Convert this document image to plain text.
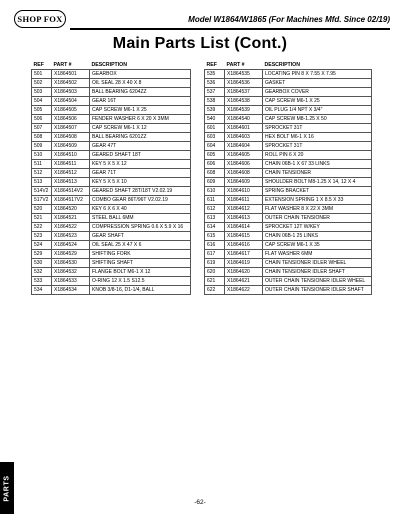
SHOP FOX	Model W1864/W1865 (For Machines Mfd. Since 02/19)
Main Parts List (Cont.)
REF	PART #	DESCRIPTION
501	X1864501	GEARBOX
502	X1864502	OIL SEAL 28 X 40 X 8
503	X1864503	BALL BEARING 6204ZZ
504	X1864504	GEAR 16T
505	X1864505	CAP SCREW M6-1 X 25
506	X1864506	FENDER WASHER 6 X 20 X 3MM
507	X1864507	CAP SCREW M6-1 X 12
508	X1864508	BALL BEARING 6201ZZ
509	X1864509	GEAR 47T
510	X1864510	GEARED SHAFT 18T
511	X1864511	KEY 5 X 5 X 12
512	X1864512	GEAR 71T
513	X1864513	KEY 5 X 5 X 10
514V2	X1864514V2	GEARED SHAFT 28T/18T V2.02.19
517V2	X1864517V2	COMBO GEAR 86T/96T V2.02.19
520	X1864520	KEY 6 X 6 X 40
521	X1864521	STEEL BALL 6MM
522	X1864522	COMPRESSION SPRING 0.6 X 5.9 X 16
523	X1864523	GEAR SHAFT
524	X1864524	OIL SEAL 25 X 47 X 6
529	X1864529	SHIFTING FORK
530	X1864530	SHIFTING SHAFT
532	X1864532	FLANGE BOLT M6-1 X 12
533	X1864533	O-RING 12 X 1.5 S12.5
534	X1864534	KNOB 3/8-16, D1-1/4, BALL
REF	PART #	DESCRIPTION
535	X1864535	LOCATING PIN 8 X 7.55 X 7.95
536	X1864536	GASKET
537	X1864537	GEARBOX COVER
538	X1864538	CAP SCREW M6-1 X 25
539	X1864539	OIL PLUG 1/4 NPT X 3/4"
540	X1864540	CAP SCREW M8-1.25 X 50
601	X1864601	SPROCKET 31T
603	X1864603	HEX BOLT M6-1 X 16
604	X1864604	SPROCKET 31T
605	X1864605	ROLL PIN 6 X 20
606	X1864606	CHAIN 06B-1 X 67 33 LINKS
608	X1864608	CHAIN TENSIONER
609	X1864609	SHOULDER BOLT M8-1.25 X 14, 12 X 4
610	X1864610	SPRING BRACKET
611	X1864611	EXTENSION SPRING 1 X 8.5 X 33
612	X1864612	FLAT WASHER 8 X 22 X 3MM
613	X1864613	OUTER CHAIN TENSIONER
614	X1864614	SPROCKET 12T W/KEY
615	X1864615	CHAIN 06B-1 25 LINKS
616	X1864616	CAP SCREW M6-1 X 35
617	X1864617	FLAT WASHER 6MM
619	X1864619	CHAIN TENSIONER IDLER WHEEL
620	X1864620	CHAIN TENSIONER IDLER SHAFT
621	X1864621	OUTER CHAIN TENSIONER IDLER WHEEL
622	X1864622	OUTER CHAIN TENSIONER IDLER SHAFT
PARTS
-62-
